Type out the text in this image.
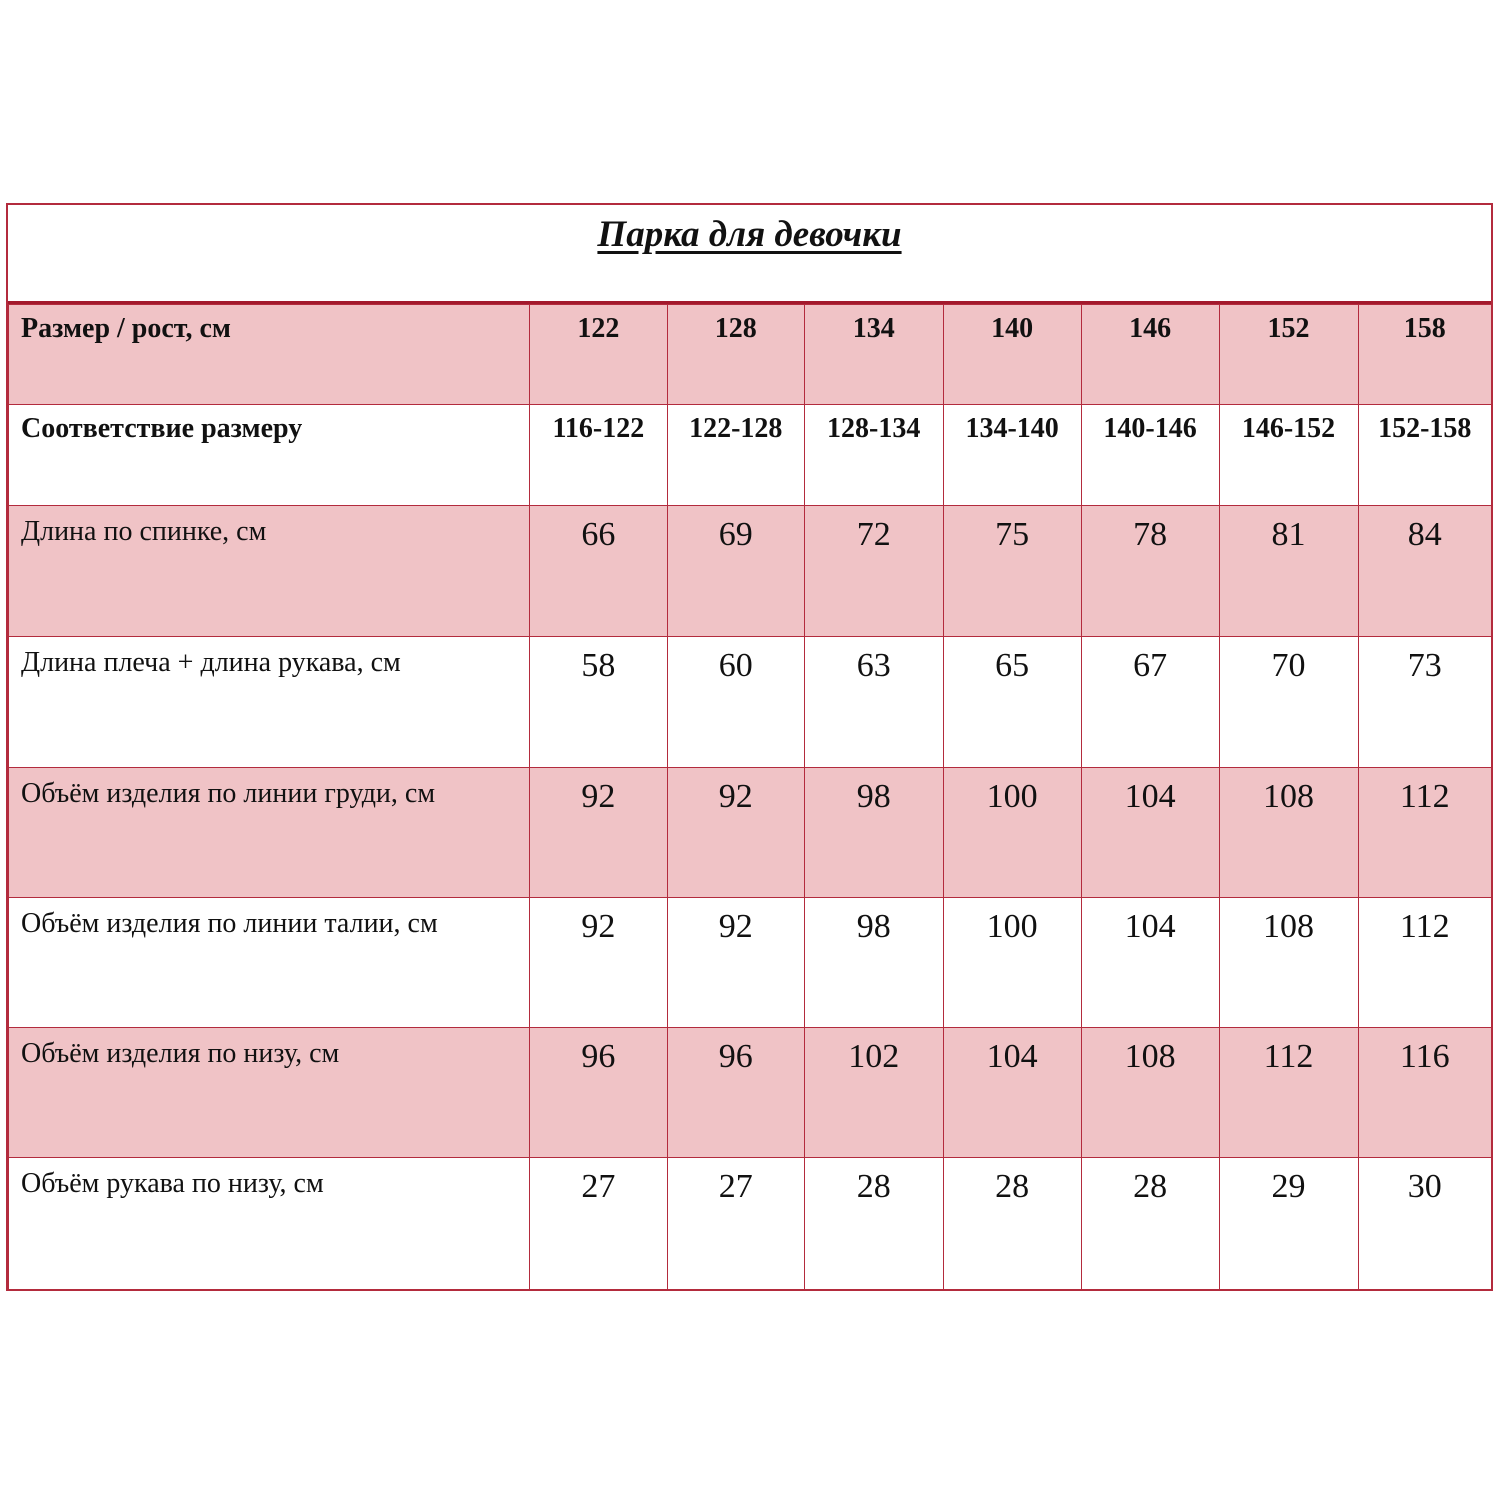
Парка для девочки
Размер / рост, см	122	128	134	140	146	152	158
Соответствие размеру	116-122	122-128	128-134	134-140	140-146	146-152	152-158
Длина по спинке, см	66	69	72	75	78	81	84
Длина плеча + длина рукава, см	58	60	63	65	67	70	73
Объём изделия по линии груди, см	92	92	98	100	104	108	112
Объём изделия по линии талии, см	92	92	98	100	104	108	112
Объём изделия по низу, см	96	96	102	104	108	112	116
Объём рукава по низу, см	27	27	28	28	28	29	30
